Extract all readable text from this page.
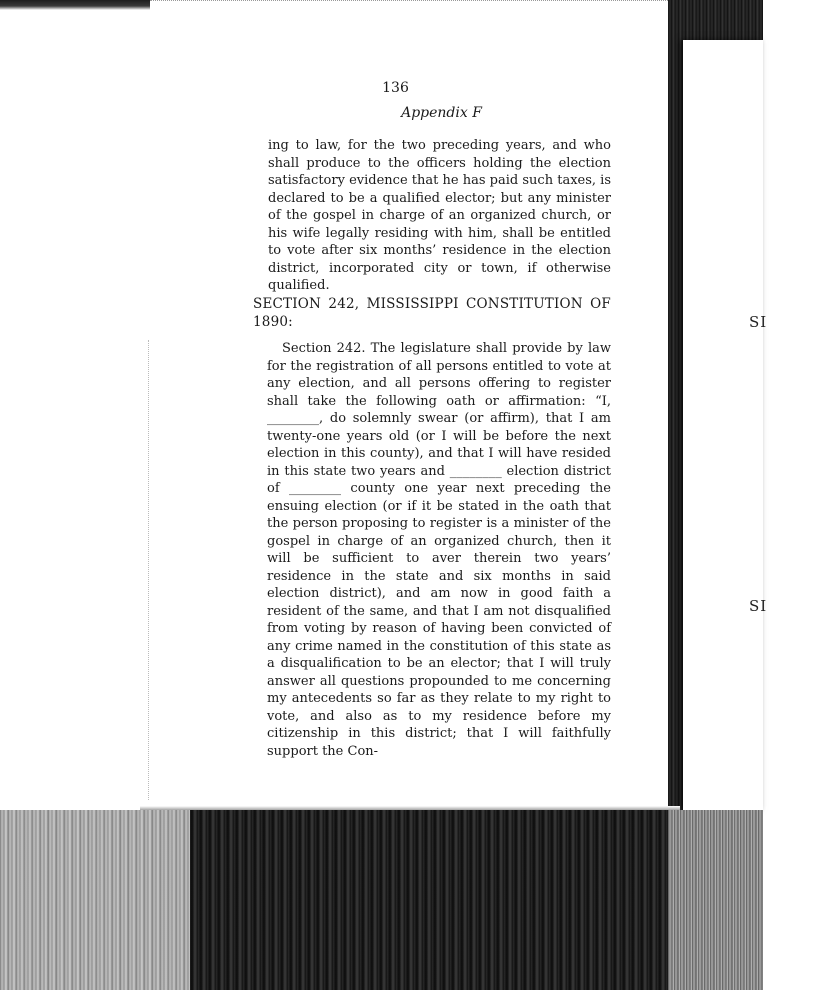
SI
SI
136
Appendix F
ing to law, for the two preceding years, and who shall produce to the officers holding the election satisfactory evidence that he has paid such taxes, is declared to be a qualified elector; but any minister of the gospel in charge of an organized church, or his wife legally residing with him, shall be entitled to vote after six months’ residence in the election district, incorporated city or town, if otherwise qualified.
SECTION 242, MISSISSIPPI CONSTITUTION OF 1890:
Section 242. The legislature shall provide by law for the registration of all persons entitled to vote at any election, and all persons offering to register shall take the following oath or affirmation: “I, ________, do solemnly swear (or affirm), that I am twenty-one years old (or I will be before the next election in this county), and that I will have resided in this state two years and ________ election district of ________ county one year next preceding the ensuing election (or if it be stated in the oath that the person proposing to register is a minister of the gospel in charge of an organized church, then it will be sufficient to aver therein two years’ residence in the state and six months in said election district), and am now in good faith a resident of the same, and that I am not disqualified from voting by reason of having been convicted of any crime named in the constitution of this state as a disqualification to be an elector; that I will truly answer all questions propounded to me concerning my antecedents so far as they relate to my right to vote, and also as to my residence before my citizenship in this district; that I will faithfully support the Con-
